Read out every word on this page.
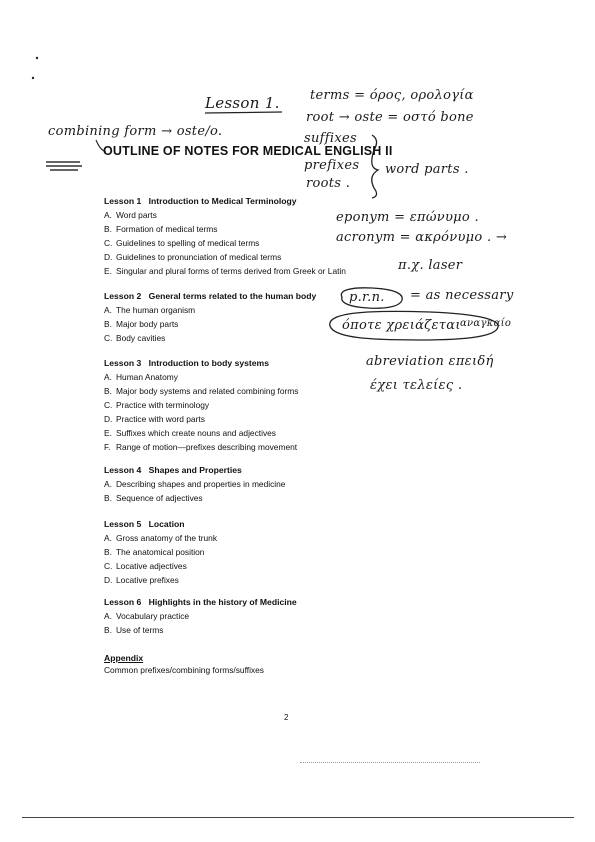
Lesson 1. terms = όρος, ορολογία
root → oste = οστό bone
suffixes
prefixes
roots .
word parts .
combining form → oste/o.
eponym = επώνυμο .
acronym = ακρόνυμο . →
π.χ. laser
p.r.n. = as necessary
όποτε χρειάζεται αναγκαίο
abreviation επειδή
έχει τελείες .
OUTLINE OF NOTES FOR MEDICAL ENGLISH II
Lesson 1 Introduction to Medical Terminology
A. Word parts
B. Formation of medical terms
C. Guidelines to spelling of medical terms
D. Guidelines to pronunciation of medical terms
E. Singular and plural forms of terms derived from Greek or Latin
Lesson 2 General terms related to the human body
A. The human organism
B. Major body parts
C. Body cavities
Lesson 3 Introduction to body systems
A. Human Anatomy
B. Major body systems and related combining forms
C. Practice with terminology
D. Practice with word parts
E. Suffixes which create nouns and adjectives
F. Range of motion—prefixes describing movement
Lesson 4 Shapes and Properties
A. Describing shapes and properties in medicine
B. Sequence of adjectives
Lesson 5 Location
A. Gross anatomy of the trunk
B. The anatomical position
C. Locative adjectives
D. Locative prefixes
Lesson 6 Highlights in the history of Medicine
A. Vocabulary practice
B. Use of terms
Appendix
Common prefixes/combining forms/suffixes
2
